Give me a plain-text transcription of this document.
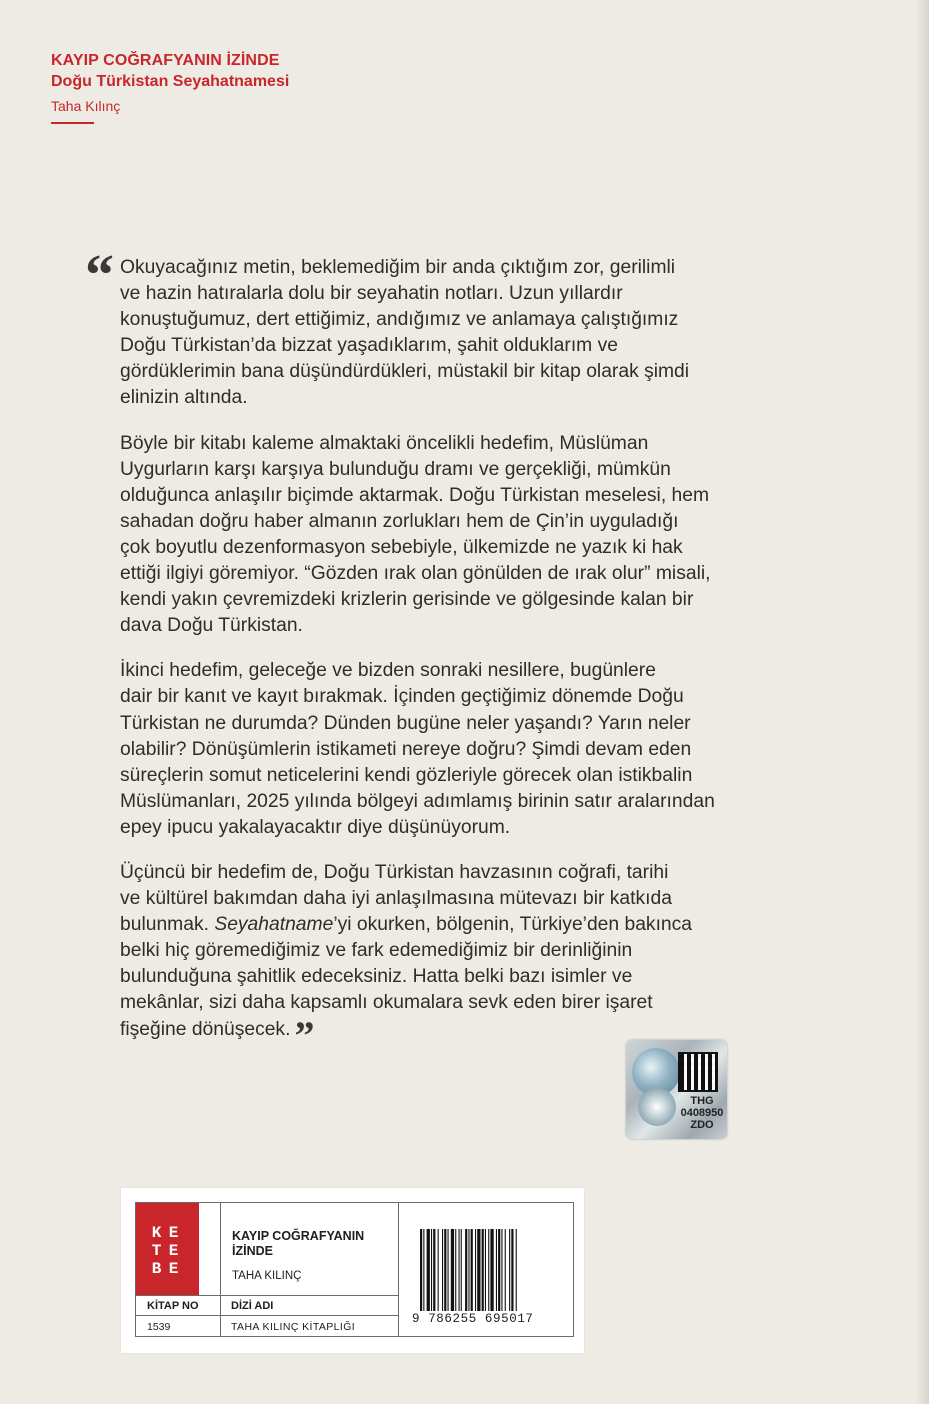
KAYIP COĞRAFYANIN İZİNDE
Doğu Türkistan Seyahatnamesi
Taha Kılınç
“ Okuyacağınız metin, beklemediğim bir anda çıktığım zor, gerilimli
ve hazin hatıralarla dolu bir seyahatin notları. Uzun yıllardır
konuştuğumuz, dert ettiğimiz, andığımız ve anlamaya çalıştığımız
Doğu Türkistan’da bizzat yaşadıklarım, şahit olduklarım ve
gördüklerimin bana düşündürdükleri, müstakil bir kitap olarak şimdi
elinizin altında.

Böyle bir kitabı kaleme almaktaki öncelikli hedefim, Müslüman
Uygurların karşı karşıya bulunduğu dramı ve gerçekliği, mümkün
olduğunca anlaşılır biçimde aktarmak. Doğu Türkistan meselesi, hem
sahadan doğru haber almanın zorlukları hem de Çin’in uyguladığı
çok boyutlu dezenformasyon sebebiyle, ülkemizde ne yazık ki hak
ettiği ilgiyi göremiyor. “Gözden ırak olan gönülden de ırak olur” misali,
kendi yakın çevremizdeki krizlerin gerisinde ve gölgesinde kalan bir
dava Doğu Türkistan.

İkinci hedefim, geleceğe ve bizden sonraki nesillere, bugünlere
dair bir kanıt ve kayıt bırakmak. İçinden geçtiğimiz dönemde Doğu
Türkistan ne durumda? Dünden bugüne neler yaşandı? Yarın neler
olabilir? Dönüşümlerin istikameti nereye doğru? Şimdi devam eden
süreçlerin somut neticelerini kendi gözleriyle görecek olan istikbalin
Müslümanları, 2025 yılında bölgeyi adımlamış birinin satır aralarından
epey ipucu yakalayacaktır diye düşünüyorum.

Üçüncü bir hedefim de, Doğu Türkistan havzasının coğrafi, tarihi
ve kültürel bakımdan daha iyi anlaşılmasına mütevazı bir katkıda
bulunmak. Seyahatname’yi okurken, bölgenin, Türkiye’den bakınca
belki hiç göremediğimiz ve fark edemediğimiz bir derinliğinin
bulunduğuna şahitlik edeceksiniz. Hatta belki bazı isimler ve
mekânlar, sizi daha kapsamlı okumalara sevk eden birer işaret
fişeğine dönüşecek. ”

THG
0408950
ZDO
K E
T E
B E
KAYIP COĞRAFYANIN
İZİNDE
TAHA KILINÇ
KİTAP NO	DİZİ ADI
1539	TAHA KILINÇ KİTAPLIĞI
9 786255 695017
